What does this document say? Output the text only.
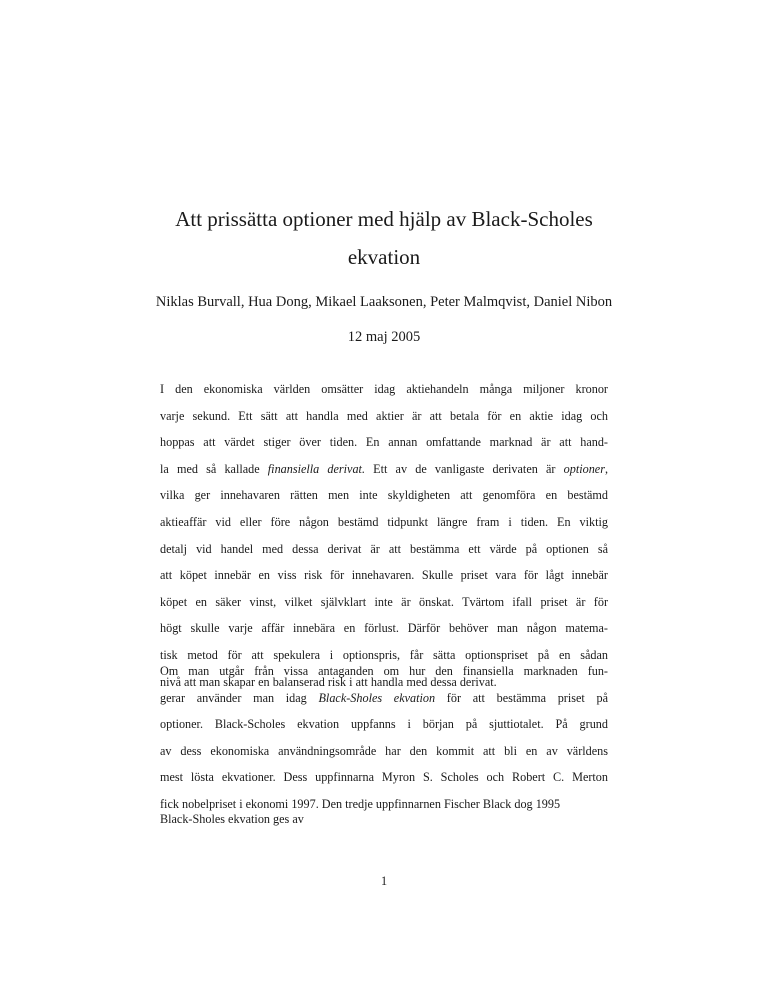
Att prissätta optioner med hjälp av Black-Scholes ekvation

Niklas Burvall, Hua Dong, Mikael Laaksonen, Peter Malmqvist, Daniel Nibon

12 maj 2005

I den ekonomiska världen omsätter idag aktiehandeln många miljoner kronor
varje sekund. Ett sätt att handla med aktier är att betala för en aktie idag och
hoppas att värdet stiger över tiden. En annan omfattande marknad är att hand-
la med så kallade finansiella derivat. Ett av de vanligaste derivaten är optioner,
vilka ger innehavaren rätten men inte skyldigheten att genomföra en bestämd
aktieaffär vid eller före någon bestämd tidpunkt längre fram i tiden. En viktig
detalj vid handel med dessa derivat är att bestämma ett värde på optionen så
att köpet innebär en viss risk för innehavaren. Skulle priset vara för lågt innebär
köpet en säker vinst, vilket självklart inte är önskat. Tvärtom ifall priset är för
högt skulle varje affär innebära en förlust. Därför behöver man någon matema-
tisk metod för att spekulera i optionspris, får sätta optionspriset på en sådan
nivå att man skapar en balanserad risk i att handla med dessa derivat.
Om man utgår från vissa antaganden om hur den finansiella marknaden fun-
gerar använder man idag Black-Sholes ekvation för att bestämma priset på
optioner. Black-Scholes ekvation uppfanns i början på sjuttiotalet. På grund
av dess ekonomiska användningsområde har den kommit att bli en av världens
mest lösta ekvationer. Dess uppfinnarna Myron S. Scholes och Robert C. Merton
fick nobelpriset i ekonomi 1997. Den tredje uppfinnarnen Fischer Black dog 1995
Black-Sholes ekvation ges av

1
